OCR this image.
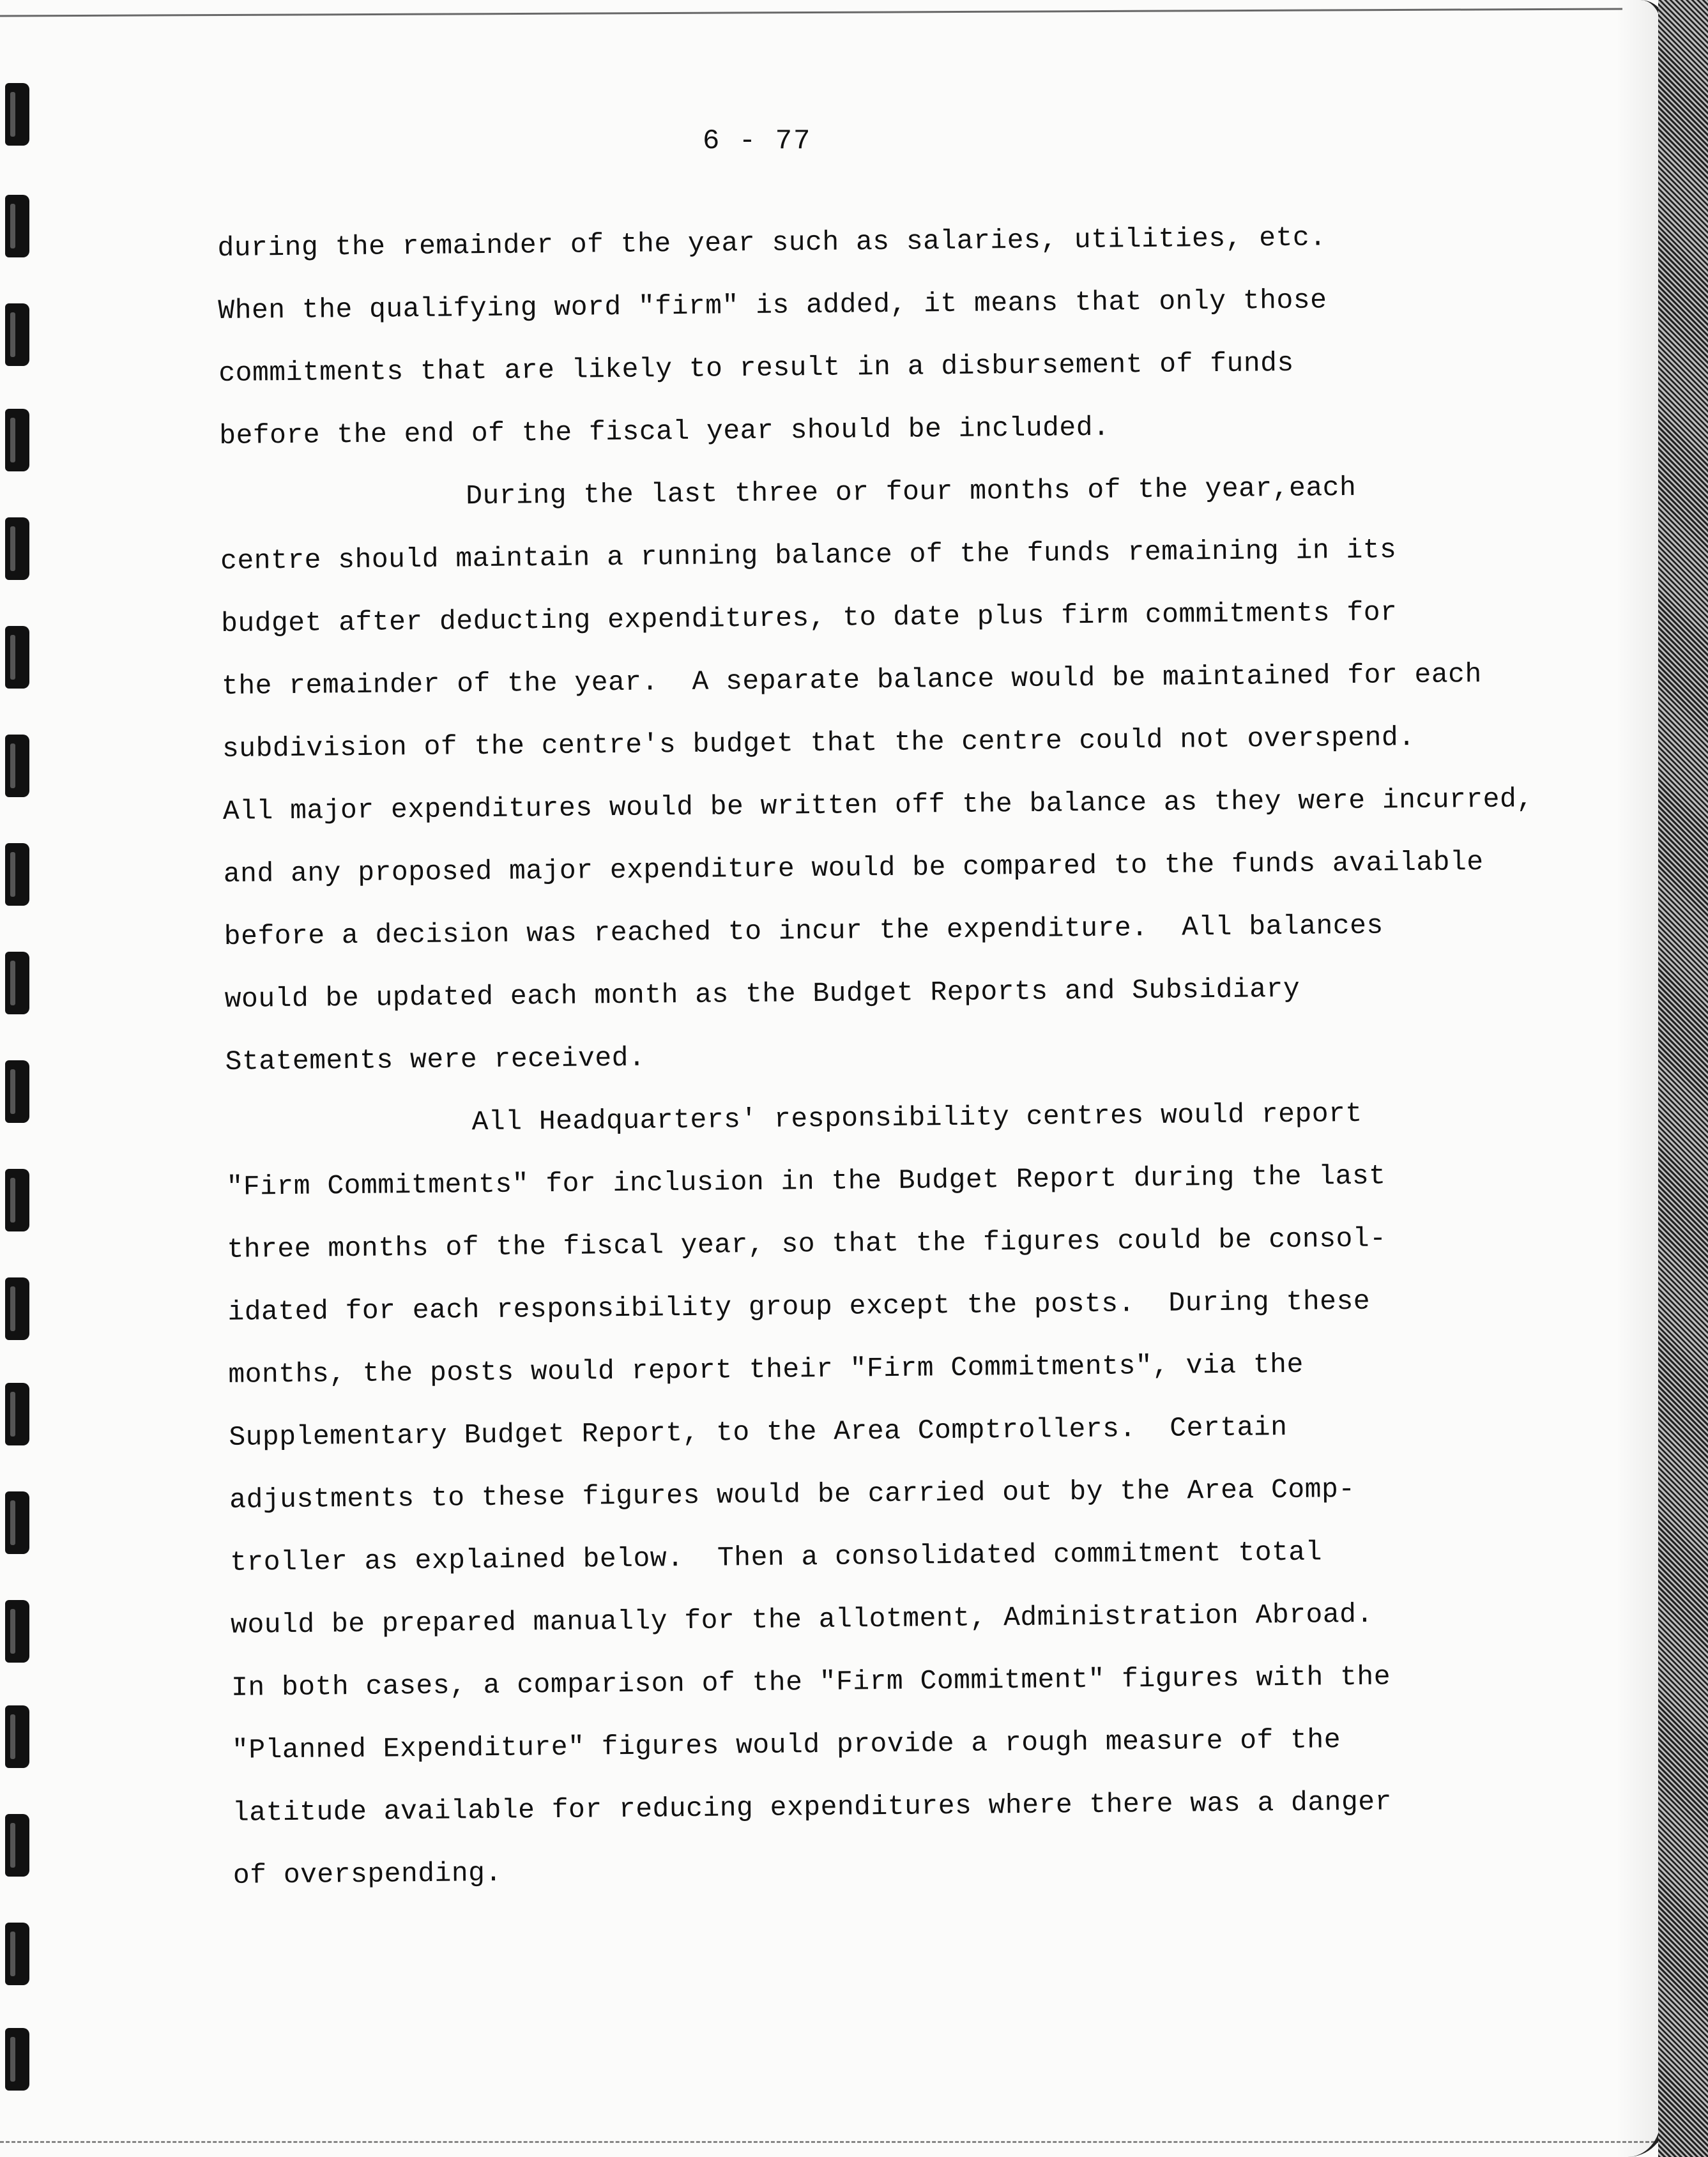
6 - 77
during the remainder of the year such as salaries, utilities, etc.
When the qualifying word "firm" is added, it means that only those
commitments that are likely to result in a disbursement of funds
before the end of the fiscal year should be included.
During the last three or four months of the year,each
centre should maintain a running balance of the funds remaining in its
budget after deducting expenditures, to date plus firm commitments for
the remainder of the year.  A separate balance would be maintained for each
subdivision of the centre's budget that the centre could not overspend.
All major expenditures would be written off the balance as they were incurred,
and any proposed major expenditure would be compared to the funds available
before a decision was reached to incur the expenditure.  All balances
would be updated each month as the Budget Reports and Subsidiary
Statements were received.
All Headquarters' responsibility centres would report
"Firm Commitments" for inclusion in the Budget Report during the last
three months of the fiscal year, so that the figures could be consol-
idated for each responsibility group except the posts.  During these
months, the posts would report their "Firm Commitments", via the
Supplementary Budget Report, to the Area Comptrollers.  Certain
adjustments to these figures would be carried out by the Area Comp-
troller as explained below.  Then a consolidated commitment total
would be prepared manually for the allotment, Administration Abroad.
In both cases, a comparison of the "Firm Commitment" figures with the
"Planned Expenditure" figures would provide a rough measure of the
latitude available for reducing expenditures where there was a danger
of overspending.
